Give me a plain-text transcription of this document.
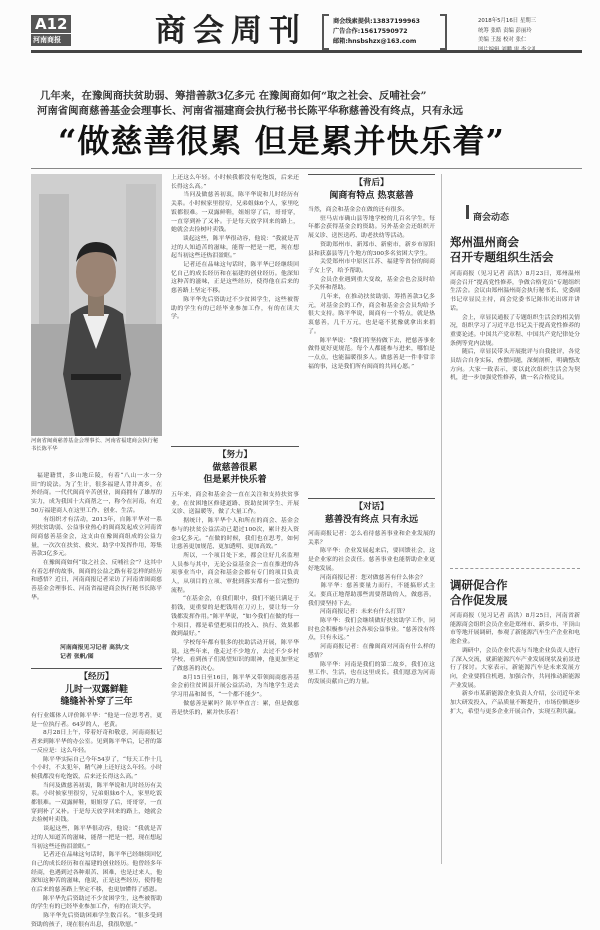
A12
河南商报	商会周刊	商会线索提供:13837199963
广告合作:15617590972
邮箱:hnsbshzx@163.com
2018年5月16日 星期三
统筹 张皓 责编 彭丽玲
美编 王磊 校对 张仁
几年来，在豫闽商扶贫助弱、筹措善款3亿多元 在豫闽商如何“取之社会、反哺社会”
河南省闽商慈善基金会理事长、河南省福建商会执行秘书长陈平华称慈善没有终点，只有永远
“做慈善很累 但是累并快乐着”
河南省闽商慈善基金会理事长、河南省福建商会执行秘书长陈平华
福建籍贯，多山地丘陵，有着“八山一水一分田”的说法。为了生计，很多福建人背井离乡，在外经商。一代代闽商辛苦创业，闽商拥有了雄厚的实力，成为我国十大商帮之一，称今在河南，有近50万福建商人在这里工作、创业、生活。
　　有组织才有活动，2013年，自陈平华对一系列扶贫助弱、公益事业热心的闽商发起成立河南省闽商慈善基金会，这支由在豫闽商组成的公益力量，一次次在扶贫、救灾、助学中发挥作用，筹集善款3亿多元。
　　在豫闽商如何“取之社会、反哺社会”？这其中有着怎样的故事，闽商的公益之路有着怎样的经历和感悟？近日，河南商报记者采访了河南省闽商慈善基金会理事长、河南省福建商会执行秘书长陈平华。
河南商报见习记者 高洪/文
记者 张帆/图
【经历】
儿时一双露鲜鞋
缝缝补补穿了三年
有行业媒体人评价陈平华：“他是一位思考者，更是一位执行者。64岁的人，老黄。
　　8月28日上午，带着好奇和敬意，河南商报记者来到陈平华的办公室。见到陈平华后，记者的第一反应是：这么年轻。
　　陈平华实际自己今年54岁了，“每天工作十几个小时，不太犯年，精气神上还好这么年轻。小时候我都没有吃饱饭，后来还长得这么高。”
　　当问及做慈善初衷，陈平华说和儿时经历有关系。小时候家里很穷，兄弟姐妹6个人，家里吃饭都很难。一双露鲜鞋，姐姐穿了后，哥哥穿，一直穿到补了又补。于是每天放学回来的路上，她就会去捡树叶卖钱。
　　谈起这些，陈平华很动容，他说：“我就是苦过的人知道苦的滋味，能帮一把是一把，现在想起当初这些还热泪盈眶。”
　　记者还在品味这句话时，陈平华已经继续回忆自己的成长经历和在福建的创业经历。他曾经多年经商，也遇到过各种艰苦、困难，也是过来人，他深知这种苦的滋味，他说，正是这些经历，使得他在后来的慈善路上坚定不移，也更加懂得了感恩。
　　陈平华先后资助过不少贫困学生，这些被帮助的学生有的已经毕业参加工作，有的在读大学。
　　陈平华先后资助困难学生数百名。“很多受到资助的孩子，现在很有出息，我很欣慰。”
上还这么年轻。小时候我都没有吃饱饭，后来还长得这么高。”
　　当问及做慈善初衷，陈平华说和儿时经历有关系。小时候家里很穷，兄弟姐妹6个人，家里吃饭都很难。一双露鲜鞋，姐姐穿了后，哥哥穿，一直穿到补了又补。于是每天放学回来的路上，她就会去捡树叶卖钱。
　　谈起这些，陈平华很动容，他说：“我就是苦过的人知道苦的滋味，能帮一把是一把，现在想起当初这些还热泪盈眶。”
　　记者还在品味这句话时，陈平华已经继续回忆自己的成长经历和在福建的创业经历。他深知这种苦的滋味，正是这些经历，使得他在后来的慈善路上坚定不移。
　　陈平华先后资助过不少贫困学生，这些被帮助的学生有的已经毕业参加工作，有的在读大学。
【努力】
做慈善很累
但是累并快乐着
五年来，商会和基金会一直在关注和支持扶贫事业，在贫困地区修建道路、资助贫困学生、开展义诊、送温暖等，做了大量工作。
　　据统计，陈平华个人和所在的商会、基金会参与的扶贫公益活动已超过100次，累计投入资金3亿多元。“在做的时候，我们也在思考，如何让慈善更加规范、更加透明、更加高效。”
　　所以，一个项目处下来，都会让好几名监理人员参与其中，无论公益基金会一直在推进的各项事业当中，商会和基金会都有专门的项目负责人，从项目的立项、审批到落实都有一套完整的流程。
　　“在基金会，在我们眼中，我们不能只满足于捐钱，更重要的是把钱用在刀刃上，要让每一分钱都发挥作用。”陈平华说，“如今我们在做的每一个项目，都是希望把项目的投入、执行、效果都做到最好。”
　　学校每年都有很多的扶助活动开展，陈平华说，这些年来，他走过不少地方，去过不少乡村学校，看到孩子们渴望知识的眼神，他更加坚定了做慈善的决心。
　　8月15日至16日，陈平华又带领闽商慈善基金会前往贫困县开展公益活动，为当地学生送去学习用品和图书，“一个都不能少”。
　　做慈善是累吗？陈平华直言：累，但是做慈善是快乐的，累并快乐着！
【背后】
闽商有特点 热衷慈善
当然，商会和基金会在做的还有很多。
　　驻马店市确山县等地学校的几百名学生，每年都会获得基金会的资助。另外基金会还组织开展义诊、送医送药、助老扶幼等活动。
　　资助郑州市、新郑市、新密市，新乡市原阳县和获嘉县等几个地方的300多名贫困大学生。
　　关爱郑州市中原区江苏、福建等省份的闽商子女上学，给予帮助。
　　会员企业遇到重大变故，基金会也会及时给予关怀和帮助。
　　几年来，在推动扶贫助弱、筹措善款3亿多元，对基金会的工作，商会和基金会会员均给予很大支持。陈平华说，闽商有一个特点，就是热衷慈善，几千万元，也是毫不犹豫就拿出来捐了。
　　陈平华说：“我们将坚持做下去，把慈善事业做得更好更规范。每个人都能参与进来，哪怕是一点点，也能温暖很多人。做慈善是一件非常幸福的事，这是我们所有闽商的共同心愿。”
【对话】
慈善没有终点 只有永远
河南商报记者：怎么看待慈善事业和企业发展的关系？
　　陈平华：企业发展起来后，要回馈社会，这是企业家的社会责任。慈善事业也能帮助企业更好地发展。
　　河南商报记者：您对做慈善有什么体会？
　　陈平华：慈善要量力而行，不能搞形式主义。要真正地帮助那些需要帮助的人，做慈善，我们要坚持下去。
　　河南商报记者：未来有什么打算？
　　陈平华：我们会继续做好扶贫助学工作，同时也会积极参与社会各项公益事业。“慈善没有终点，只有永远。”
　　河南商报记者：在豫闽商对河南有什么样的感情？
　　陈平华：河南是我们的第二故乡，我们在这里工作、生活，也在这里成长。我们愿意为河南的发展贡献自己的力量。
商会动态
郑州温州商会
召开专题组织生活会
河南商报（见习记者 高洪）8月23日，郑州温州商会召开“提高党性修养，争做合格党员”专题组织生活会。会议由郑州温州商会执行秘书长、党委副书记章显民主持，商会党委书记陈伟光出席并讲话。
　　会上，章显民通报了专题组织生活会的相关情况，组织学习了习近平总书记关于提高党性修养的重要论述。中国共产党章程、中国共产党纪律处分条例等党内法规。
　　随后，章显民带头开展批评与自我批评，各党员结合自身实际，查摆问题，深刻剖析，明确整改方向。大家一致表示，要以此次组织生活会为契机，进一步加强党性修养，做一名合格党员。
调研促合作
合作促发展
河南商报（见习记者 高洪）8月25日，河南省新能源商会组织会员企业赴郑州市、新乡市、平顶山市等地开展调研，参观了新能源汽车生产企业和电池企业。
　　调研中，会员企业代表与当地企业负责人进行了深入交流，就新能源汽车产业发展现状及前景进行了探讨。大家表示，新能源汽车是未来发展方向，企业要抓住机遇，加强合作，共同推动新能源产业发展。
　　新乡市某新能源企业负责人介绍，公司近年来加大研发投入，产品质量不断提升，市场份额逐步扩大，希望与更多企业开展合作，实现互利共赢。
